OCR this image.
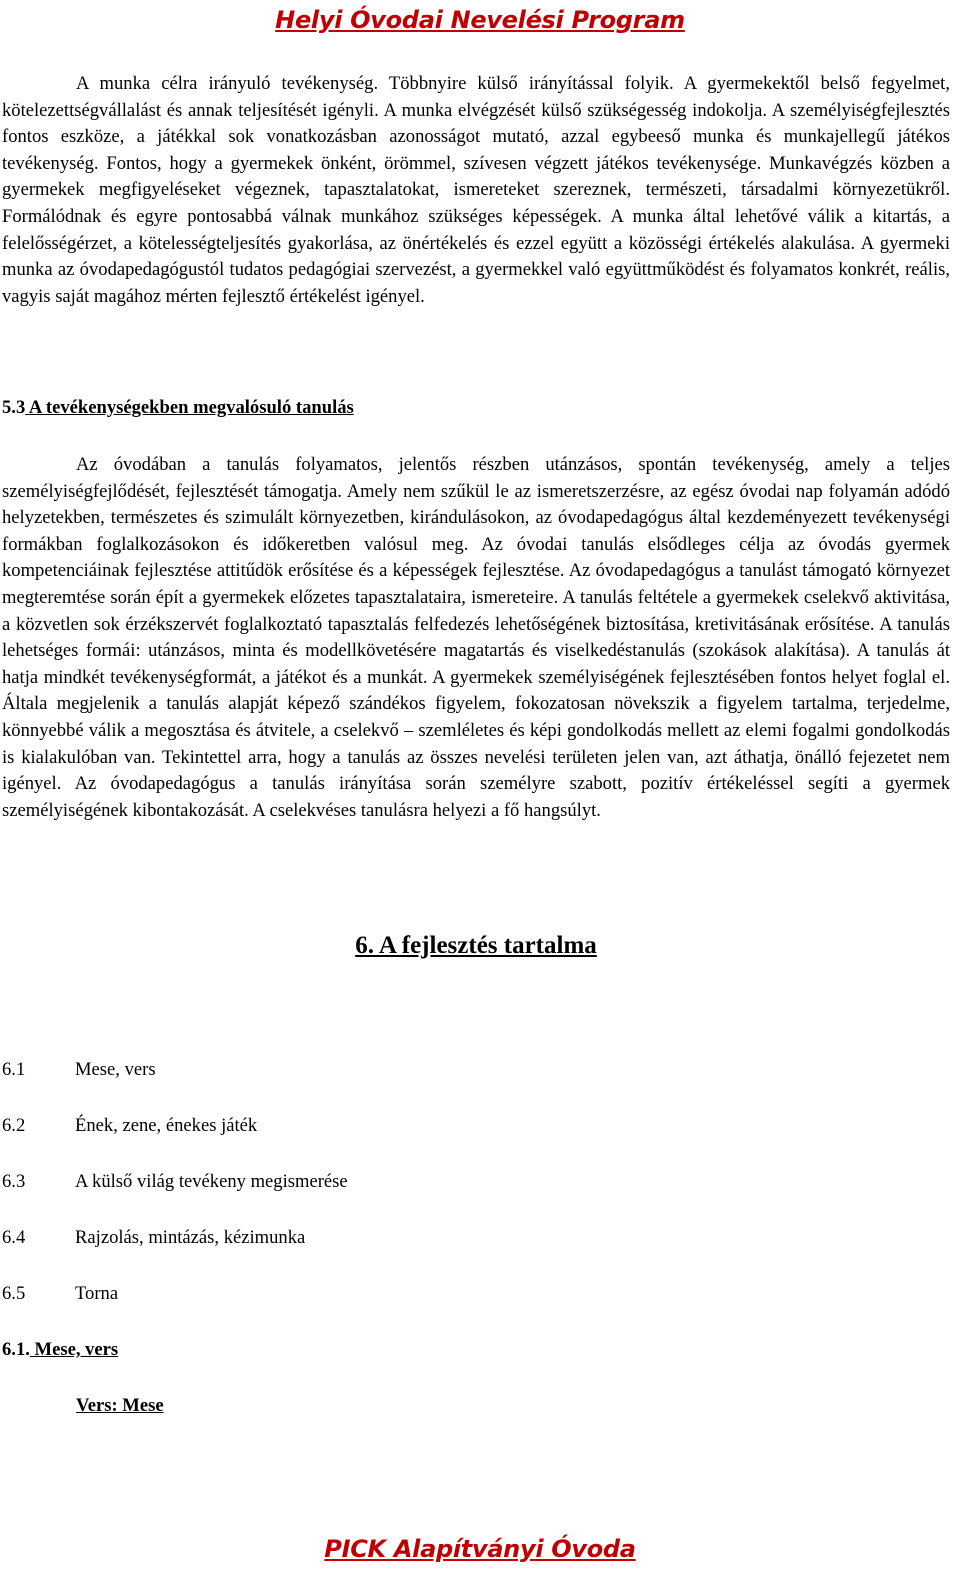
Helyi Óvodai Nevelési Program

A munka célra irányuló tevékenység. Többnyire külső irányítással folyik. A gyermekektől belső fegyelmet, kötelezettségvállalást és annak teljesítését igényli. A munka elvégzését külső szükségesség indokolja. A személyiségfejlesztés fontos eszköze, a játékkal sok vonatkozásban azonosságot mutató, azzal egybeeső munka és munkajellegű játékos tevékenység. Fontos, hogy a gyermekek önként, örömmel, szívesen végzett játékos tevékenysége. Munkavégzés közben a gyermekek megfigyeléseket végeznek, tapasztalatokat, ismereteket szereznek, természeti, társadalmi környezetükről. Formálódnak és egyre pontosabbá válnak munkához szükséges képességek. A munka által lehetővé válik a kitartás, a felelősségérzet, a kötelességteljesítés gyakorlása, az önértékelés és ezzel együtt a közösségi értékelés alakulása. A gyermeki munka az óvodapedagógustól tudatos pedagógiai szervezést, a gyermekkel való együttműködést és folyamatos konkrét, reális, vagyis saját magához mérten fejlesztő értékelést igényel.

5.3 A tevékenységekben megvalósuló tanulás

Az óvodában a tanulás folyamatos, jelentős részben utánzásos, spontán tevékenység, amely a teljes személyiségfejlődését, fejlesztését támogatja. Amely nem szűkül le az ismeretszerzésre, az egész óvodai nap folyamán adódó helyzetekben, természetes és szimulált környezetben, kirándulásokon, az óvodapedagógus által kezdeményezett tevékenységi formákban foglalkozásokon és időkeretben valósul meg. Az óvodai tanulás elsődleges célja az óvodás gyermek kompetenciáinak fejlesztése attitűdök erősítése és a képességek fejlesztése. Az óvodapedagógus a tanulást támogató környezet megteremtése során épít a gyermekek előzetes tapasztalataira, ismereteire. A tanulás feltétele a gyermekek cselekvő aktivitása, a közvetlen sok érzékszervét foglalkoztató tapasztalás felfedezés lehetőségének biztosítása, kretivitásának erősítése. A tanulás lehetséges formái: utánzásos, minta és modellkövetésére magatartás és viselkedéstanulás (szokások alakítása). A tanulás át hatja mindkét tevékenységformát, a játékot és a munkát. A gyermekek személyiségének fejlesztésében fontos helyet foglal el. Általa megjelenik a tanulás alapját képező szándékos figyelem, fokozatosan növekszik a figyelem tartalma, terjedelme, könnyebbé válik a megosztása és átvitele, a cselekvő – szemléletes és képi gondolkodás mellett az elemi fogalmi gondolkodás is kialakulóban van. Tekintettel arra, hogy a tanulás az összes nevelési területen jelen van, azt áthatja, önálló fejezetet nem igényel. Az óvodapedagógus a tanulás irányítása során személyre szabott, pozitív értékeléssel segíti a gyermek személyiségének kibontakozását. A cselekvéses tanulásra helyezi a fő hangsúlyt.

6. A fejlesztés tartalma
6.1	Mese, vers
6.2	Ének, zene, énekes játék
6.3	A külső világ tevékeny megismerése
6.4	Rajzolás, mintázás, kézimunka
6.5	Torna
6.1. Mese, vers
Vers: Mese
PICK Alapítványi Óvoda
